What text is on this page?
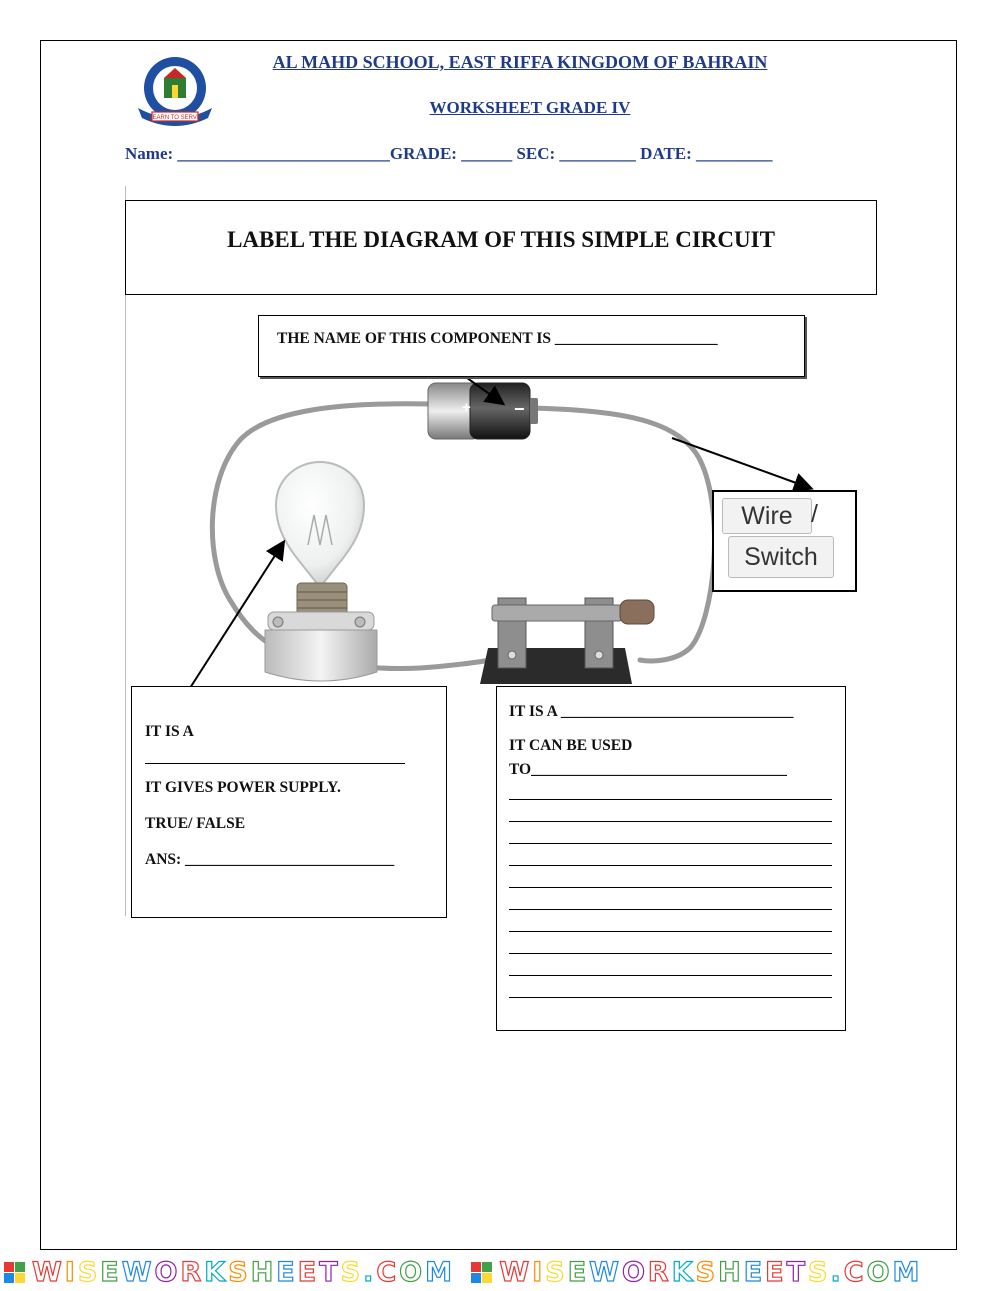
LEARN TO SERVE
AL MAHD SCHOOL, EAST RIFFA KINGDOM OF BAHRAIN
WORKSHEET GRADE IV
Name: _________________________GRADE: ______ SEC: _________ DATE: _________
LABEL THE DIAGRAM OF THIS SIMPLE CIRCUIT
+ −
THE NAME OF THIS COMPONENT IS _____________________
Wire /
Switch
IT IS A
IT GIVES POWER SUPPLY.
TRUE/ FALSE
ANS: ___________________________
IT IS A ______________________________
IT CAN BE USED
TO_________________________________
WISEWORKSHEETS.COM WISEWORKSHEETS.COM
